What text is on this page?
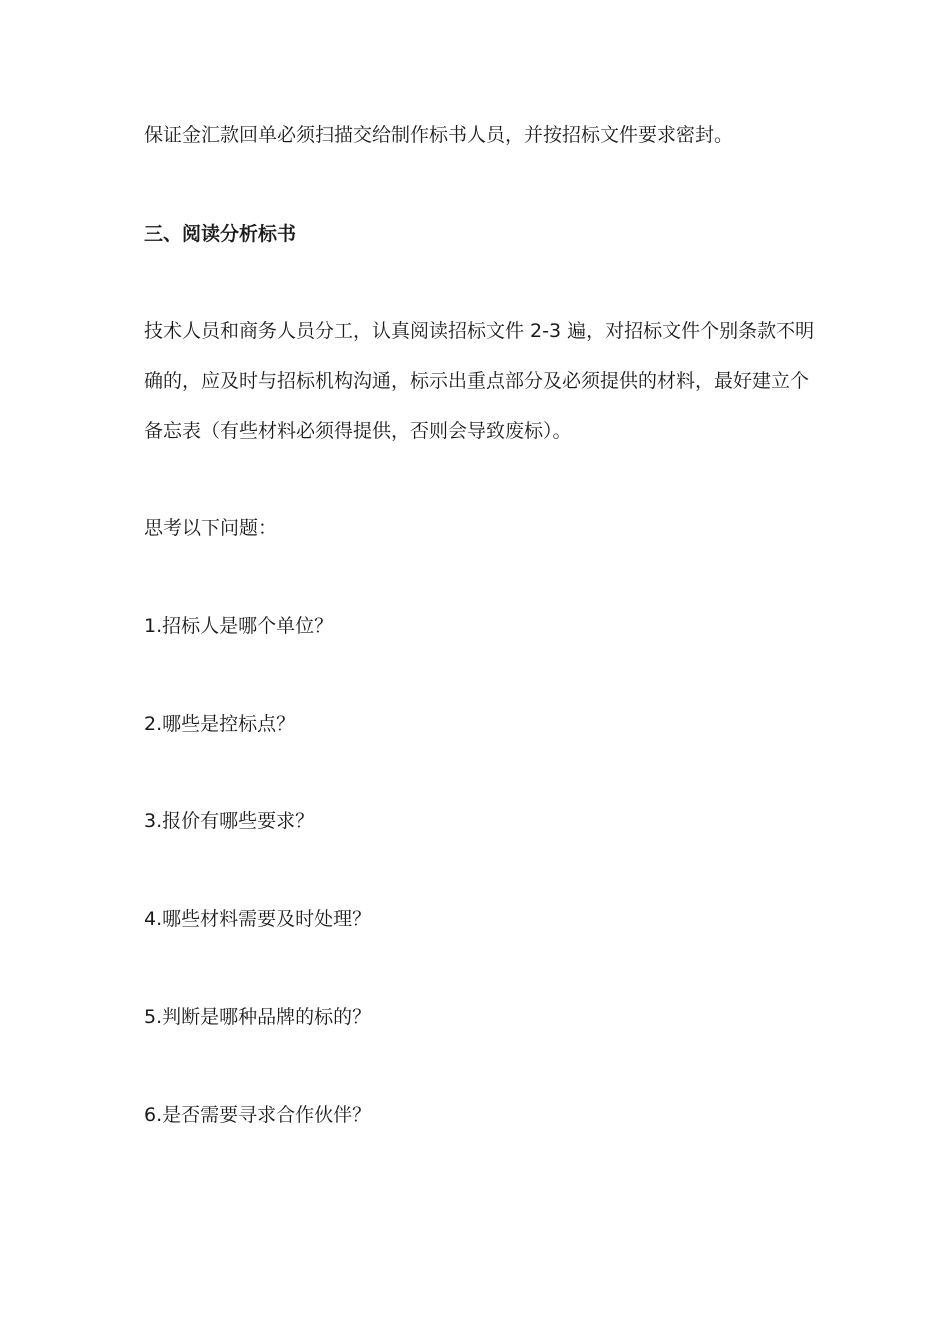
保证金汇款回单必须扫描交给制作标书人员，并按招标文件要求密封。
三、阅读分析标书
技术人员和商务人员分工，认真阅读招标文件 2-3 遍，对招标文件个别条款不明
确的，应及时与招标机构沟通，标示出重点部分及必须提供的材料，最好建立个
备忘表（有些材料必须得提供，否则会导致废标）。
思考以下问题：
1.招标人是哪个单位？
2.哪些是控标点？
3.报价有哪些要求？
4.哪些材料需要及时处理？
5.判断是哪种品牌的标的？
6.是否需要寻求合作伙伴？
